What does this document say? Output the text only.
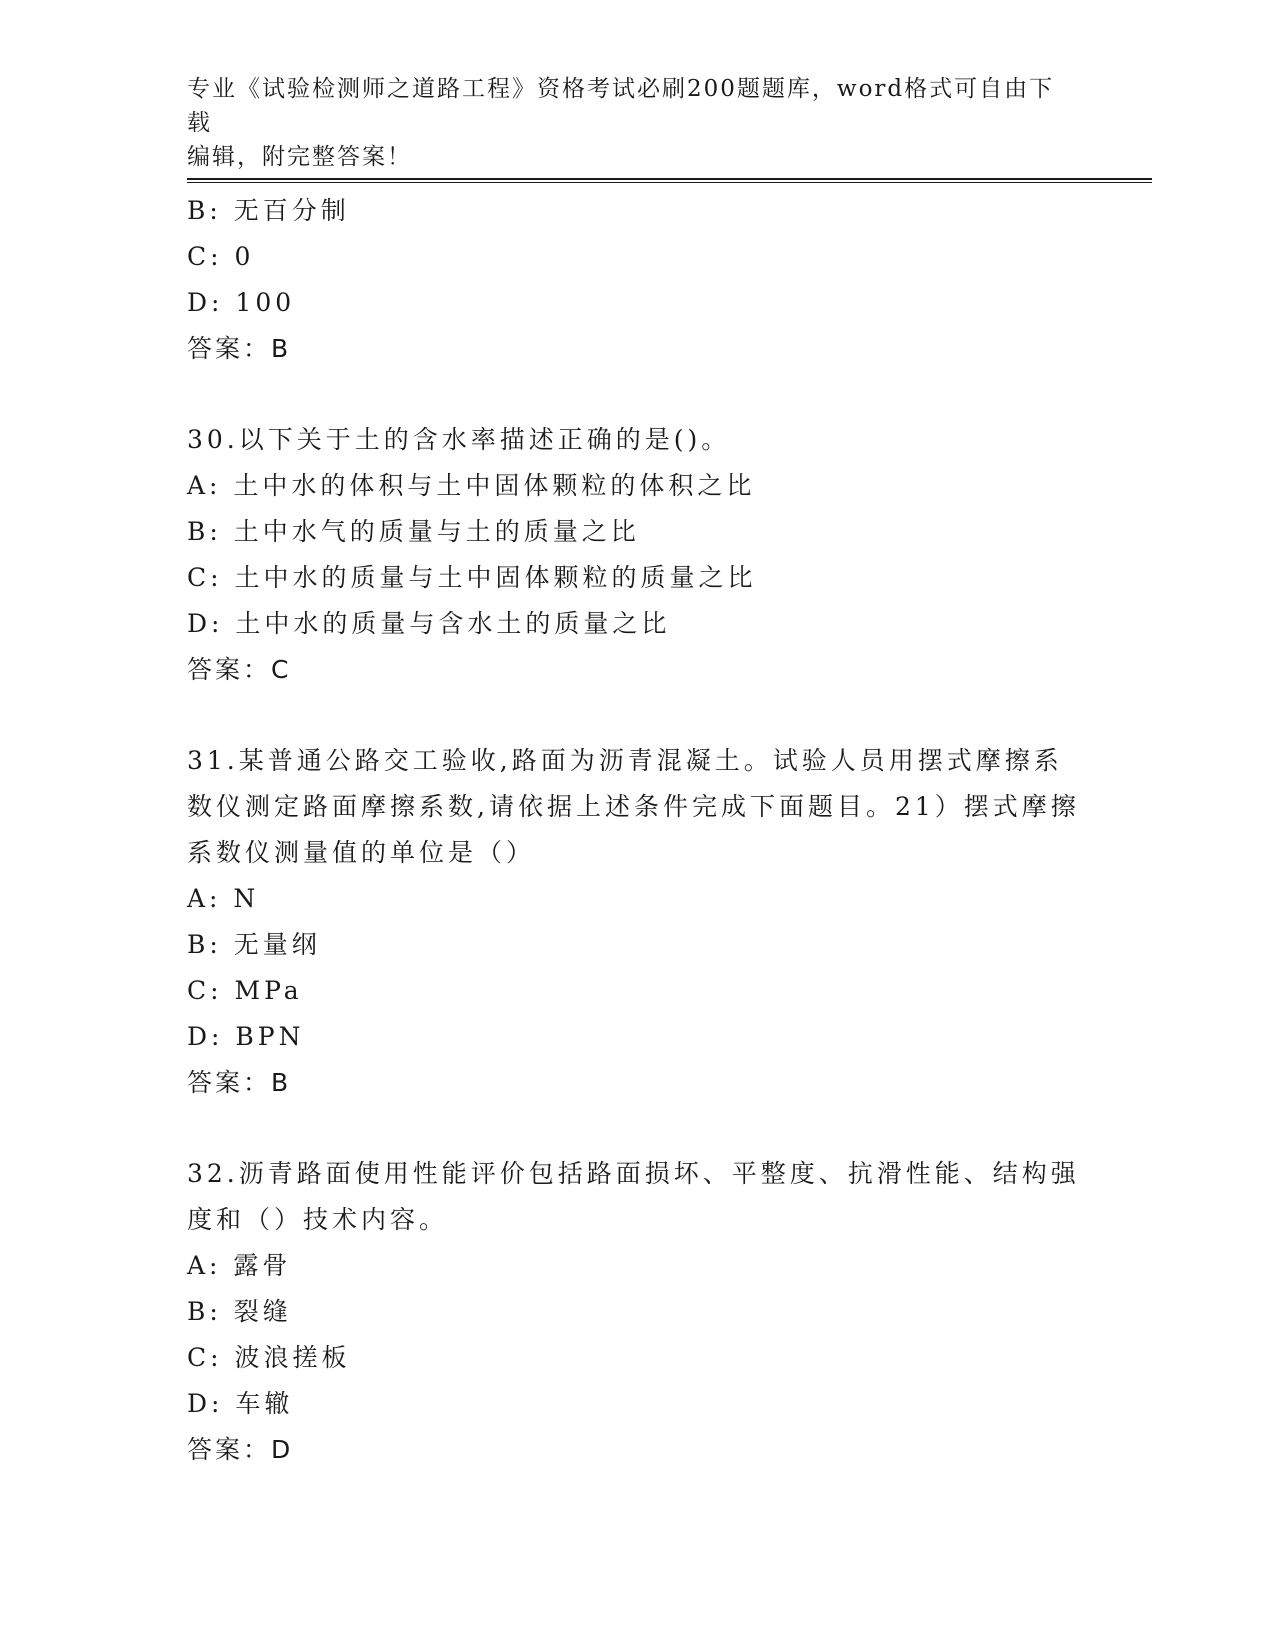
专业《试验检测师之道路工程》资格考试必刷200题题库，word格式可自由下载
编辑，附完整答案！
B: 无百分制
C: 0
D: 100
答案：B
30.以下关于土的含水率描述正确的是()。
A: 土中水的体积与土中固体颗粒的体积之比
B: 土中水气的质量与土的质量之比
C: 土中水的质量与土中固体颗粒的质量之比
D: 土中水的质量与含水土的质量之比
答案：C
31.某普通公路交工验收,路面为沥青混凝土。试验人员用摆式摩擦系
数仪测定路面摩擦系数,请依据上述条件完成下面题目。21）摆式摩擦
系数仪测量值的单位是（）
A: N
B: 无量纲
C: MPa
D: BPN
答案：B
32.沥青路面使用性能评价包括路面损坏、平整度、抗滑性能、结构强
度和（）技术内容。
A: 露骨
B: 裂缝
C: 波浪搓板
D: 车辙
答案：D
